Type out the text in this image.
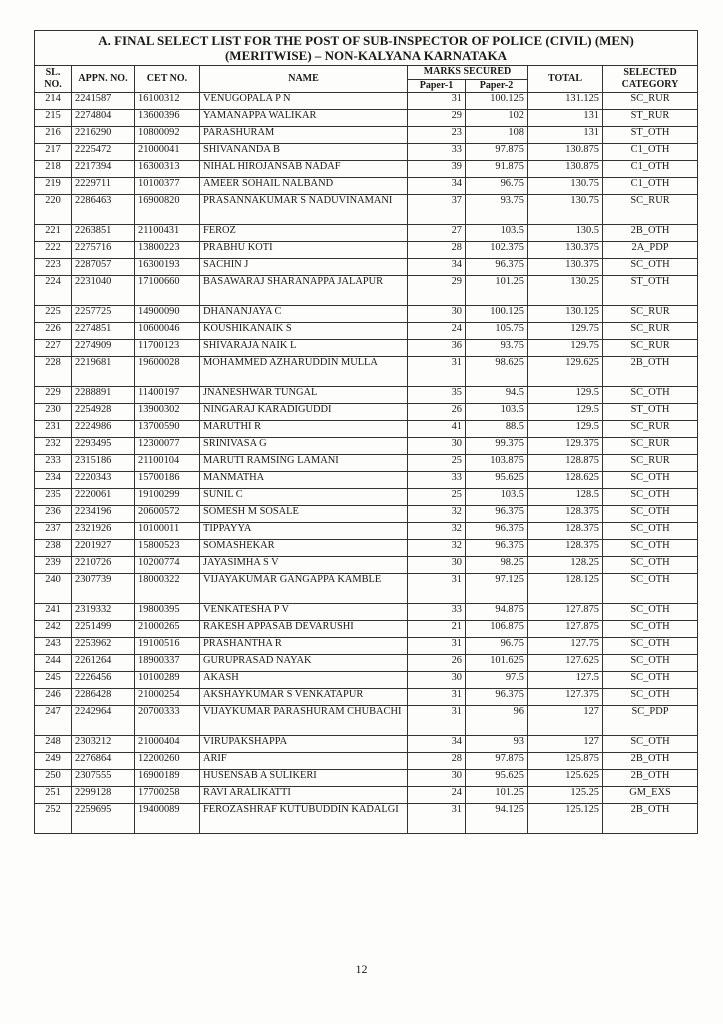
A. FINAL SELECT LIST FOR THE POST OF SUB-INSPECTOR OF POLICE (CIVIL) (MEN)
(MERITWISE) – NON-KALYANA KARNATAKA							

SL. NO.	APPN. NO.	CET NO.	NAME	MARKS SECURED		TOTAL	SELECTED CATEGORY
				Paper-1	Paper-2		
214	2241587	16100312	VENUGOPALA P N	31	100.125	131.125	SC_RUR
215	2274804	13600396	YAMANAPPA WALIKAR	29	102	131	ST_RUR
216	2216290	10800092	PARASHURAM	23	108	131	ST_OTH
217	2225472	21000041	SHIVANANDA B	33	97.875	130.875	C1_OTH
218	2217394	16300313	NIHAL HIROJANSAB NADAF	39	91.875	130.875	C1_OTH
219	2229711	10100377	AMEER SOHAIL NALBAND	34	96.75	130.75	C1_OTH
220	2286463	16900820	PRASANNAKUMAR S NADUVINAMANI	37	93.75	130.75	SC_RUR
221	2263851	21100431	FEROZ	27	103.5	130.5	2B_OTH
222	2275716	13800223	PRABHU KOTI	28	102.375	130.375	2A_PDP
223	2287057	16300193	SACHIN J	34	96.375	130.375	SC_OTH
224	2231040	17100660	BASAWARAJ SHARANAPPA JALAPUR	29	101.25	130.25	ST_OTH
225	2257725	14900090	DHANANJAYA C	30	100.125	130.125	SC_RUR
226	2274851	10600046	KOUSHIKANAIK S	24	105.75	129.75	SC_RUR
227	2274909	11700123	SHIVARAJA NAIK L	36	93.75	129.75	SC_RUR
228	2219681	19600028	MOHAMMED AZHARUDDIN MULLA	31	98.625	129.625	2B_OTH
229	2288891	11400197	JNANESHWAR TUNGAL	35	94.5	129.5	SC_OTH
230	2254928	13900302	NINGARAJ KARADIGUDDI	26	103.5	129.5	ST_OTH
231	2224986	13700590	MARUTHI R	41	88.5	129.5	SC_RUR
232	2293495	12300077	SRINIVASA G	30	99.375	129.375	SC_RUR
233	2315186	21100104	MARUTI RAMSING LAMANI	25	103.875	128.875	SC_RUR
234	2220343	15700186	MANMATHA	33	95.625	128.625	SC_OTH
235	2220061	19100299	SUNIL C	25	103.5	128.5	SC_OTH
236	2234196	20600572	SOMESH M SOSALE	32	96.375	128.375	SC_OTH
237	2321926	10100011	TIPPAYYA	32	96.375	128.375	SC_OTH
238	2201927	15800523	SOMASHEKAR	32	96.375	128.375	SC_OTH
239	2210726	10200774	JAYASIMHA S V	30	98.25	128.25	SC_OTH
240	2307739	18000322	VIJAYAKUMAR GANGAPPA KAMBLE	31	97.125	128.125	SC_OTH
241	2319332	19800395	VENKATESHA P V	33	94.875	127.875	SC_OTH
242	2251499	21000265	RAKESH APPASAB DEVARUSHI	21	106.875	127.875	SC_OTH
243	2253962	19100516	PRASHANTHA R	31	96.75	127.75	SC_OTH
244	2261264	18900337	GURUPRASAD NAYAK	26	101.625	127.625	SC_OTH
245	2226456	10100289	AKASH	30	97.5	127.5	SC_OTH
246	2286428	21000254	AKSHAYKUMAR S VENKATAPUR	31	96.375	127.375	SC_OTH
247	2242964	20700333	VIJAYKUMAR PARASHURAM CHUBACHI	31	96	127	SC_PDP
248	2303212	21000404	VIRUPAKSHAPPA	34	93	127	SC_OTH
249	2276864	12200260	ARIF	28	97.875	125.875	2B_OTH
250	2307555	16900189	HUSENSAB A SULIKERI	30	95.625	125.625	2B_OTH
251	2299128	17700258	RAVI ARALIKATTI	24	101.25	125.25	GM_EXS
252	2259695	19400089	FEROZASHRAF KUTUBUDDIN KADALGI	31	94.125	125.125	2B_OTH
12
